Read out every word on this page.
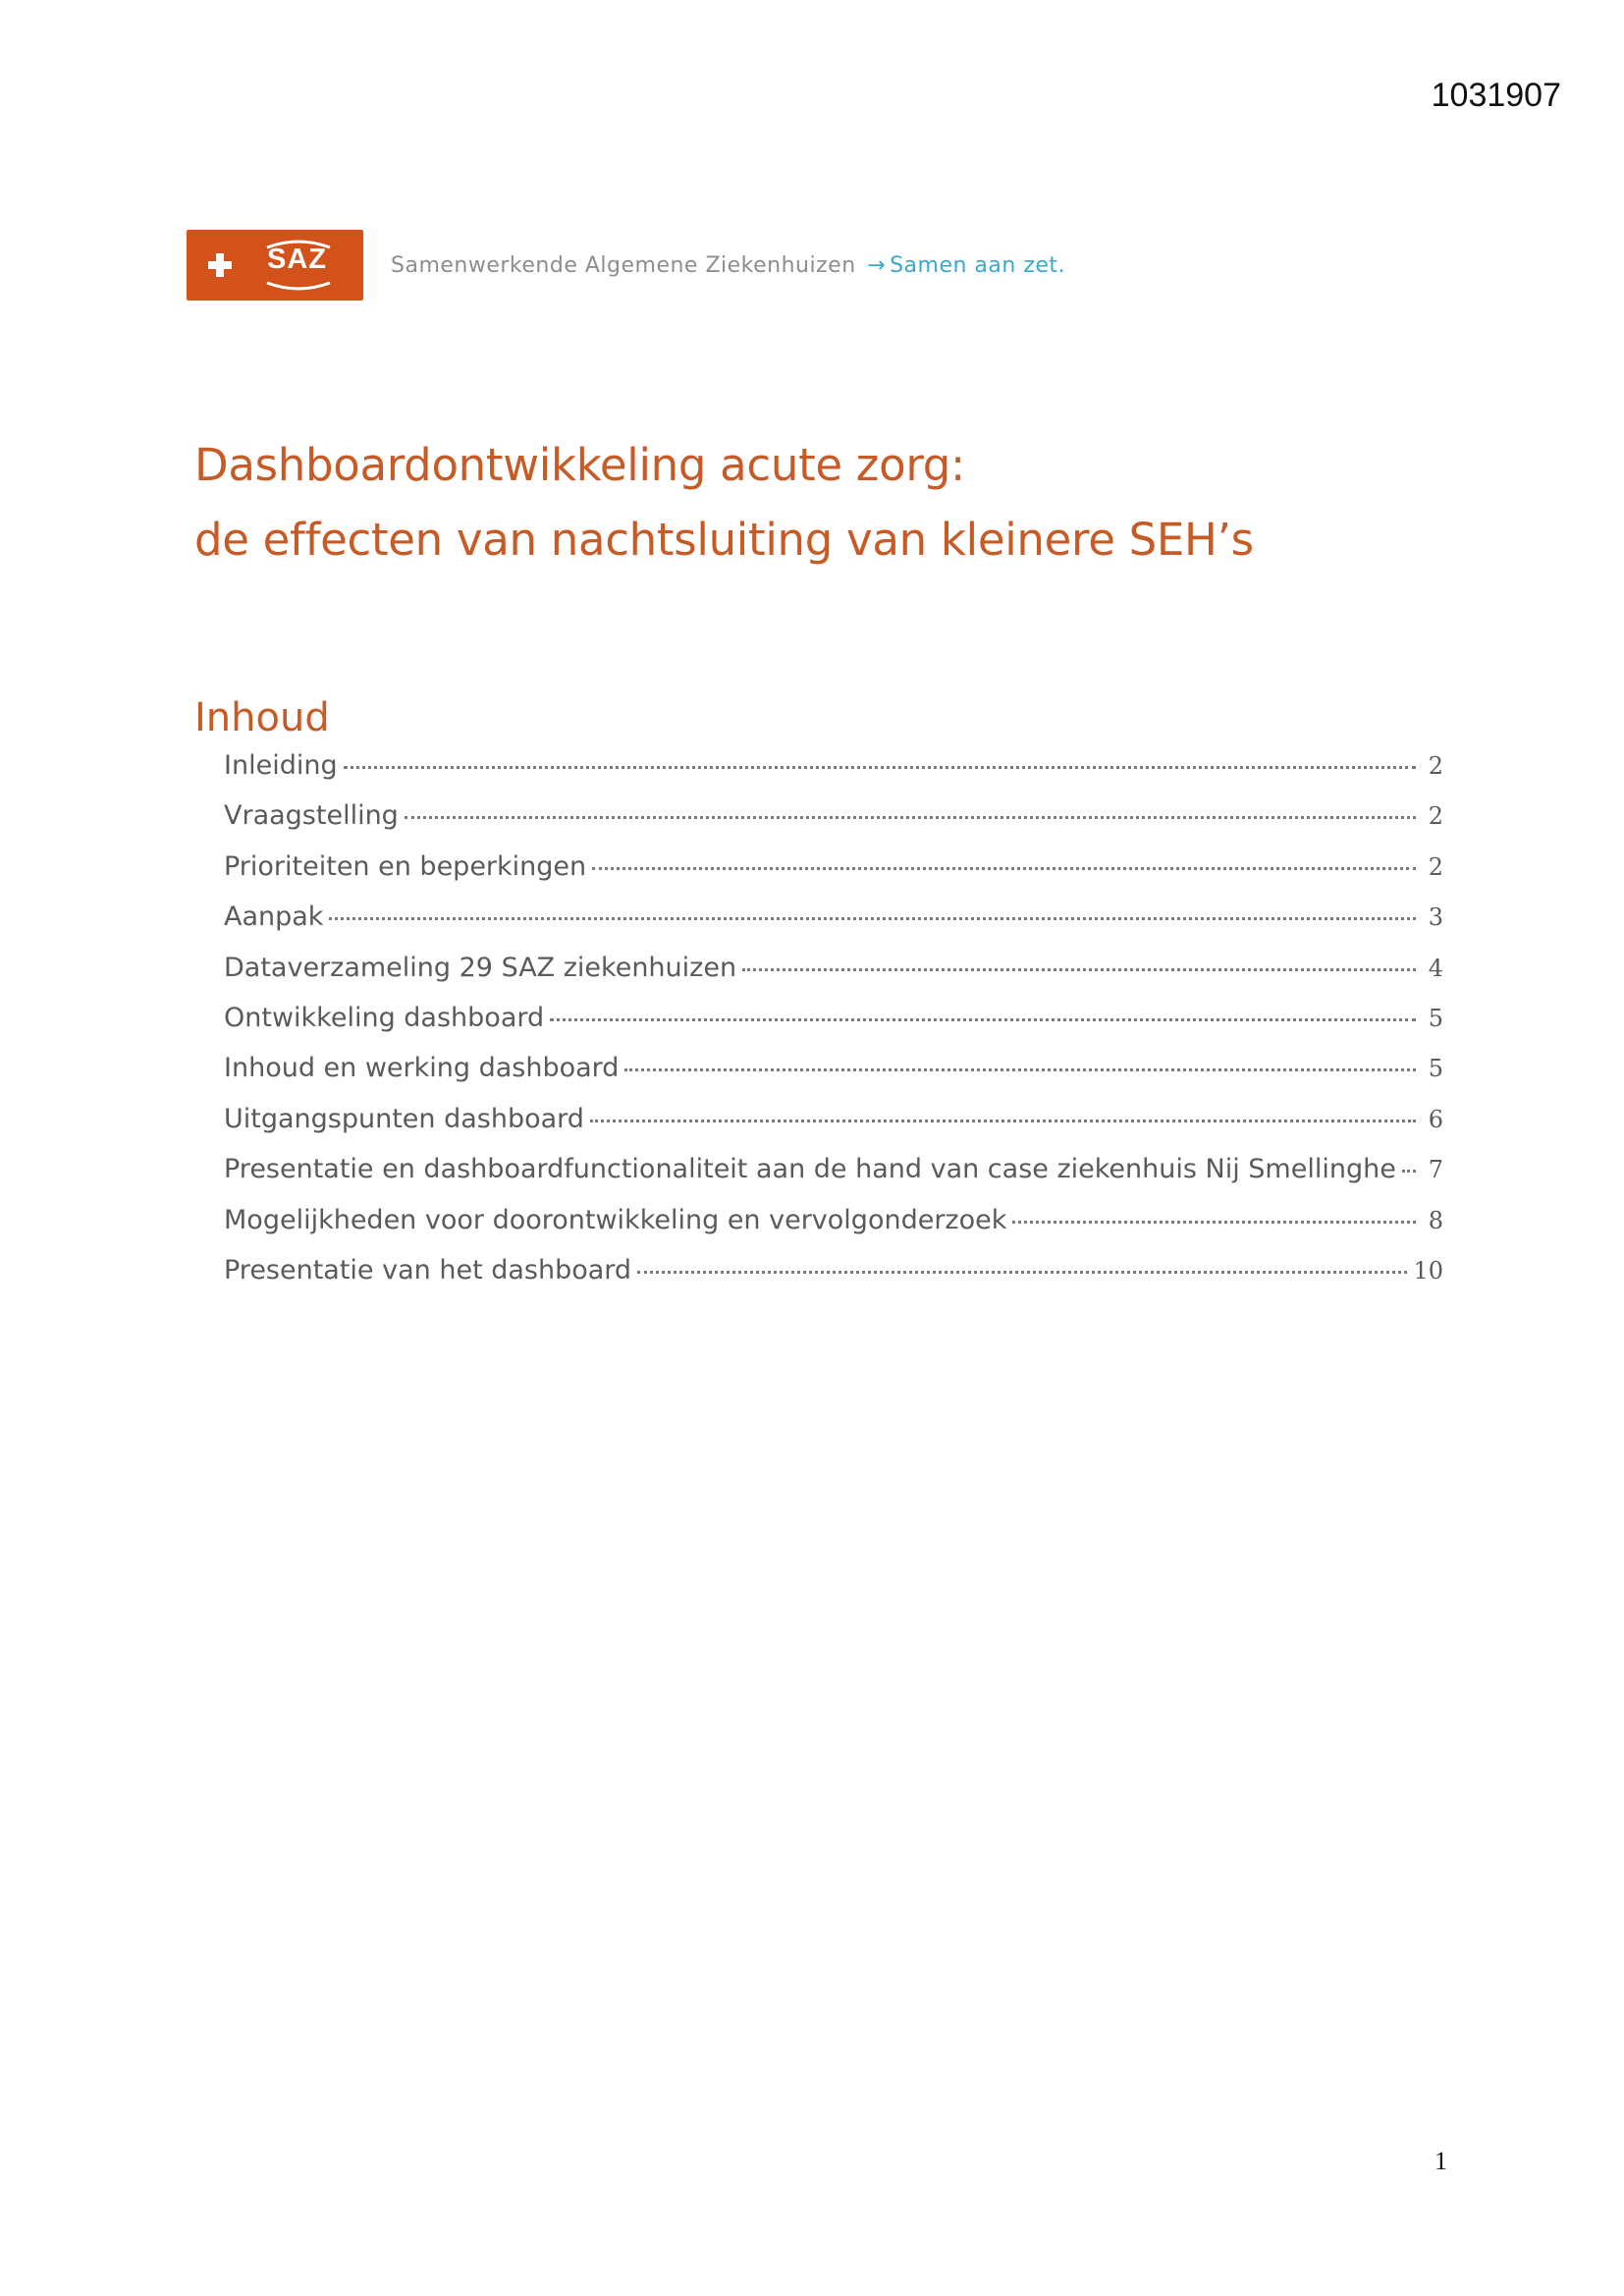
1031907
SAZ	Samenwerkende Algemene Ziekenhuizen → Samen aan zet.
Dashboardontwikkeling acute zorg:
de effecten van nachtsluiting van kleinere SEH’s
Inhoud
Inleiding	2
Vraagstelling	2
Prioriteiten en beperkingen	2
Aanpak	3
Dataverzameling 29 SAZ ziekenhuizen	4
Ontwikkeling dashboard	5
Inhoud en werking dashboard	5
Uitgangspunten dashboard	6
Presentatie en dashboardfunctionaliteit aan de hand van case ziekenhuis Nij Smellinghe 7
Mogelijkheden voor doorontwikkeling en vervolgonderzoek	8
Presentatie van het dashboard	10
1
